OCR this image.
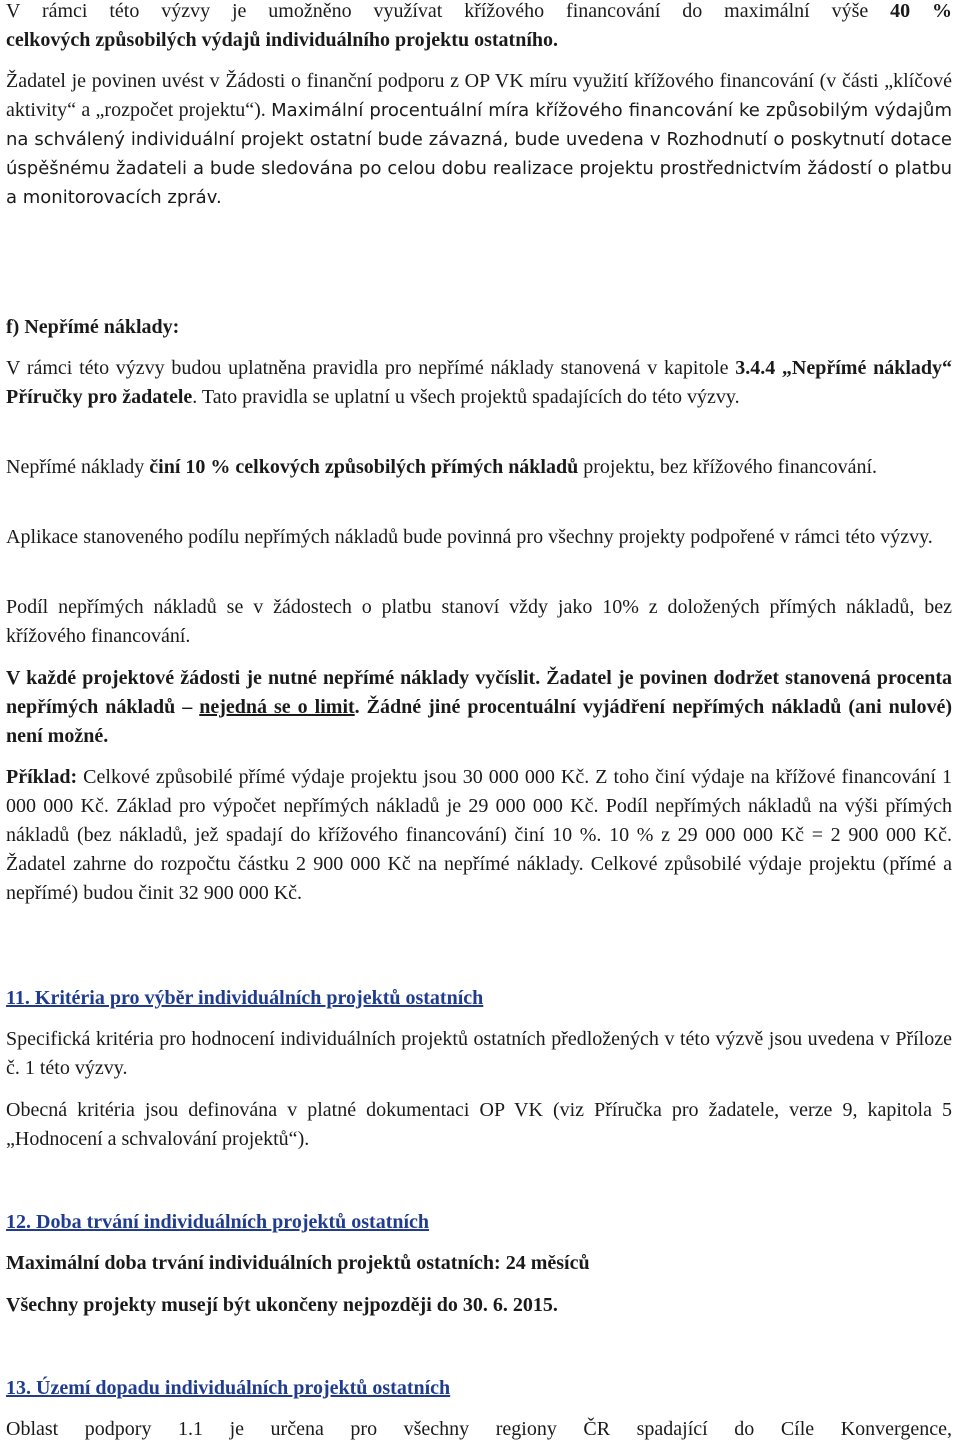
V rámci této výzvy je umožněno využívat křížového financování do maximální výše 40 %

celkových způsobilých výdajů individuálního projektu ostatního.

Žadatel je povinen uvést v Žádosti o finanční podporu z OP VK míru využití křížového financování (v části „klíčové aktivity“ a „rozpočet projektu“). Maximální procentuální míra křížového financování ke způsobilým výdajům na schválený individuální projekt ostatní bude závazná, bude uvedena v Rozhodnutí o poskytnutí dotace úspěšnému žadateli a bude sledována po celou dobu realizace projektu prostřednictvím žádostí o platbu a monitorovacích zpráv.

f) Nepřímé náklady:

V rámci této výzvy budou uplatněna pravidla pro nepřímé náklady stanovená v kapitole 3.4.4 „Nepřímé náklady“ Příručky pro žadatele. Tato pravidla se uplatní u všech projektů spadajících do této výzvy.

Nepřímé náklady činí 10 % celkových způsobilých přímých nákladů projektu, bez křížového financování.

Aplikace stanoveného podílu nepřímých nákladů bude povinná pro všechny projekty podpořené v rámci této výzvy.

Podíl nepřímých nákladů se v žádostech o platbu stanoví vždy jako 10% z doložených přímých nákladů, bez křížového financování.

V každé projektové žádosti je nutné nepřímé náklady vyčíslit. Žadatel je povinen dodržet stanovená procenta nepřímých nákladů – nejedná se o limit. Žádné jiné procentuální vyjádření nepřímých nákladů (ani nulové) není možné.

Příklad: Celkové způsobilé přímé výdaje projektu jsou 30 000 000 Kč. Z toho činí výdaje na křížové financování 1 000 000 Kč. Základ pro výpočet nepřímých nákladů je 29 000 000 Kč. Podíl nepřímých nákladů na výši přímých nákladů (bez nákladů, jež spadají do křížového financování) činí 10 %. 10 % z 29 000 000 Kč = 2 900 000 Kč. Žadatel zahrne do rozpočtu částku 2 900 000 Kč na nepřímé náklady. Celkové způsobilé výdaje projektu (přímé a nepřímé) budou činit 32 900 000 Kč.

11. Kritéria pro výběr individuálních projektů ostatních

Specifická kritéria pro hodnocení individuálních projektů ostatních předložených v této výzvě jsou uvedena v Příloze č. 1 této výzvy.

Obecná kritéria jsou definována v platné dokumentaci OP VK (viz Příručka pro žadatele, verze 9, kapitola 5 „Hodnocení a schvalování projektů“).

12. Doba trvání individuálních projektů ostatních

Maximální doba trvání individuálních projektů ostatních: 24 měsíců

Všechny projekty musejí být ukončeny nejpozději do 30. 6. 2015.

13. Území dopadu individuálních projektů ostatních

Oblast podpory 1.1 je určena pro všechny regiony ČR spadající do Cíle Konvergence,
